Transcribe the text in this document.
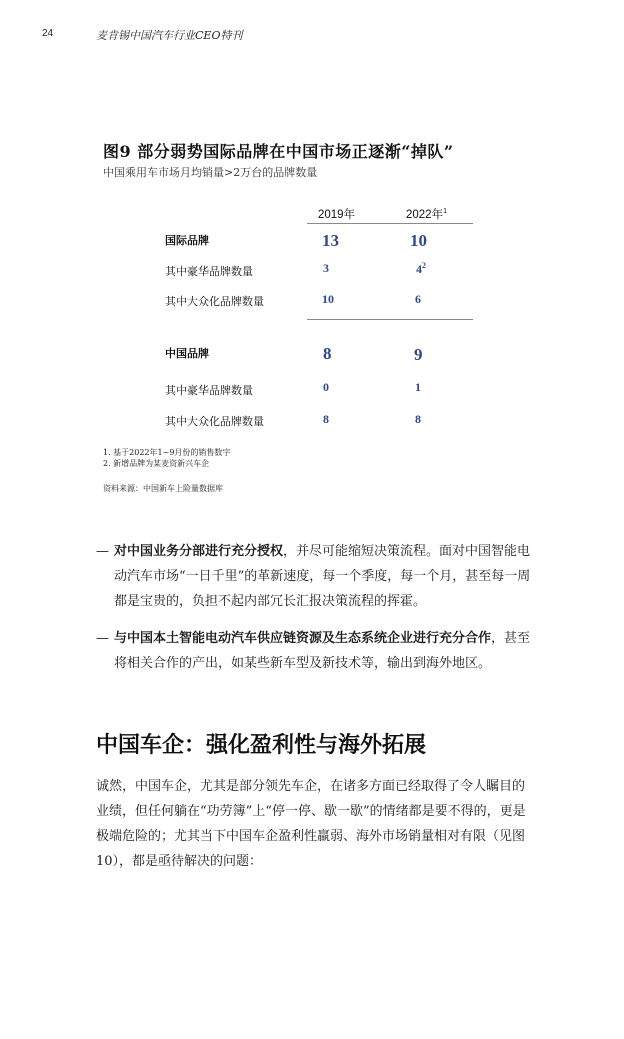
24	麦肯锡中国汽车行业CEO特刊
图9 部分弱势国际品牌在中国市场正逐渐“掉队”
中国乘用车市场月均销量>2万台的品牌数量
2019年	2022年$^1$
国际品牌	13	10
其中豪华品牌数量	3	$4^2$
其中大众化品牌数量	10	6
中国品牌	8	9
其中豪华品牌数量	0	1
其中大众化品牌数量	8	8
1. 基于2022年1~9月份的销售数字
2. 新增品牌为某麦资新兴车企
资料来源：中国新车上险量数据库
— 对中国业务分部进行充分授权，并尽可能缩短决策流程。面对中国智能电动汽车市场“一日千里”的革新速度，每一个季度，每一个月，甚至每一周都是宝贵的，负担不起内部冗长汇报决策流程的挥霍。
— 与中国本土智能电动汽车供应链资源及生态系统企业进行充分合作，甚至将相关合作的产出，如某些新车型及新技术等，输出到海外地区。
中国车企：强化盈利性与海外拓展
诚然，中国车企，尤其是部分领先车企，在诸多方面已经取得了令人瞩目的业绩，但任何躺在“功劳簿”上“停一停、歇一歇”的情绪都是要不得的，更是极端危险的；尤其当下中国车企盈利性羸弱、海外市场销量相对有限（见图10），都是亟待解决的问题：
